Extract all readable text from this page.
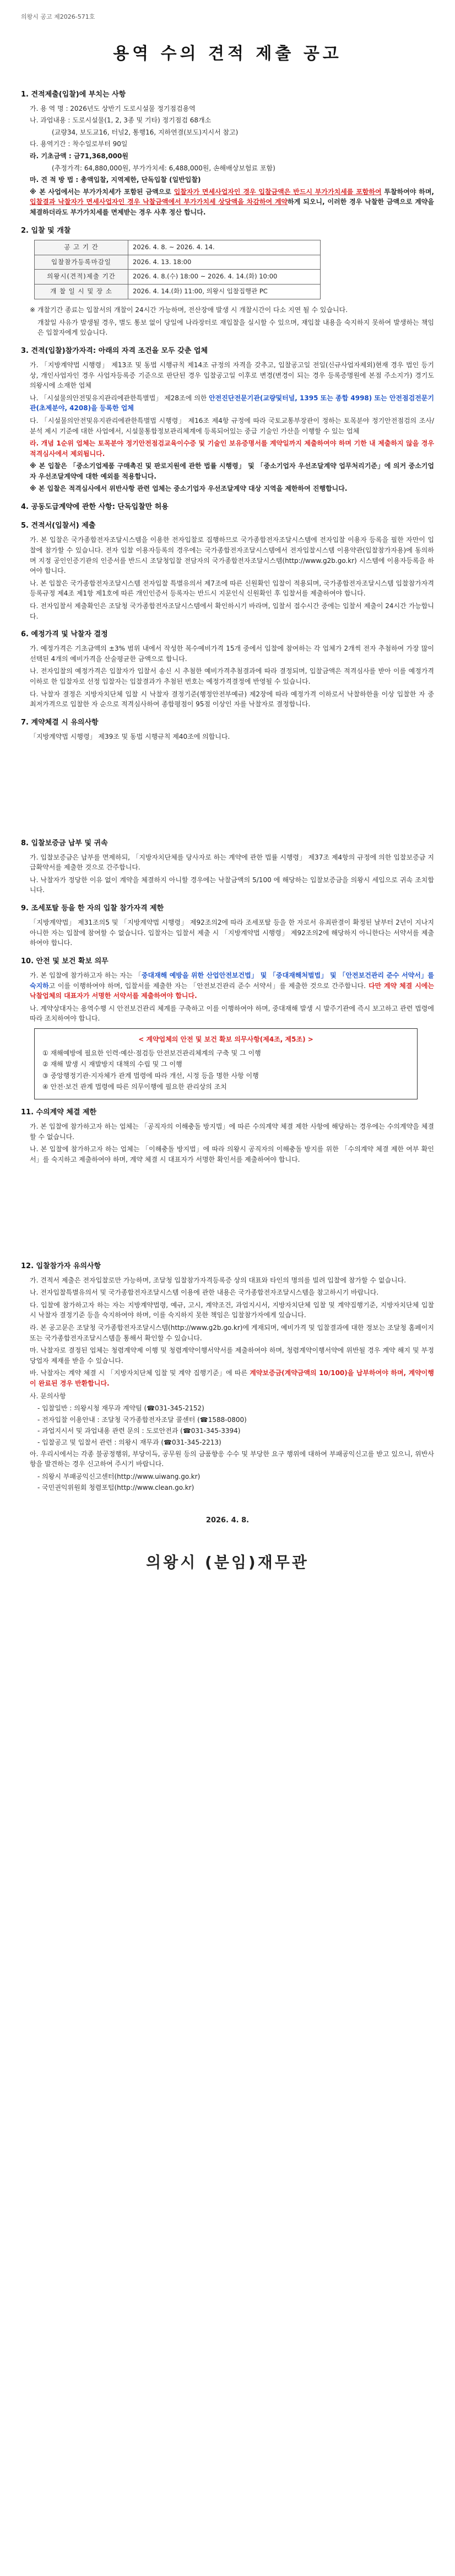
의왕시 공고 제2026-571호
용역 수의 견적 제출 공고
1. 견적제출(입찰)에 부치는 사항
가. 용 역 명 : 2026년도 상반기 도로시설물 정기점검용역
나. 과업내용 : 도로시설물(1, 2, 3종 및 기타) 정기점검 68개소
(교량34, 보도교16, 터널2, 통행16, 지하연결(보도)지시서 참고)
다. 용역기간 : 착수일로부터 90일
라. 기초금액 : 금71,368,000원
(추정가격: 64,880,000원, 부가가치세: 6,488,000원, 손해배상보험료 포함)
마. 견 적 방 법 : 총액입찰, 지역제한, 단독입찰 (일반입찰)
※ 본 사업에서는 부가가치세가 포함된 금액으로 입찰자가 면세사업자인 경우 입찰금액은 반드시 부가가치세를 포함하여 투찰하여야 하며, 입찰결과 낙찰자가 면세사업자인 경우 낙찰금액에서 부가가치세 상당액을 차감하여 계약하게 되오니, 이러한 경우 낙찰한 금액으로 계약을 체결하더라도 부가가치세를 면제받는 경우 사후 정산 합니다.
2. 입찰 및 개찰
공 고 기 간	2026. 4. 8. ~ 2026. 4. 14.
입찰참가등록마감일	2026. 4. 13. 18:00
의왕시(견적)제출 기간	2026. 4. 8.(수) 18:00 ~ 2026. 4. 14.(화) 10:00
개 찰 일 시 및 장 소	2026. 4. 14.(화) 11:00, 의왕시 입찰집행관 PC
※ 개찰기간 종료는 입찰서의 개찰이 24시간 가능하며, 전산장애 발생 시 개찰시간이 다소 지연 될 수 있습니다.
개찰일 사유가 발생될 경우, 별도 통보 없이 당일에 나라장터로 재입찰을 실시할 수 있으며, 재입찰 내용을 숙지하지 못하여 발생하는 책임은 입찰자에게 있습니다.
3. 견적(입찰)참가자격: 아래의 자격 조건을 모두 갖춘 업체
가. 「지방계약법 시행령」 제13조 및 동법 시행규칙 제14조 규정의 자격을 갖추고, 입찰공고일 전일(신규사업자제외)현재 경우 법인 등기상, 개인사업자인 경우 사업자등록증 기준으로 판단된 경우 입찰공고일 이후로 변경(변경이 되는 경우 등록증명원에 본점 주소지가) 경기도 의왕시에 소재한 업체
나. 「시설물의안전및유지관리에관한특별법」 제28조에 의한 안전진단전문기관(교량및터널, 1395 또는 종합 4998) 또는 안전점검전문기관(초제분야, 4208)을 등록한 업체
다. 「시설물의안전및유지관리에관한특별법 시행령」 제16조 제4항 규정에 따라 국토교통부장관이 정하는 토목분야 정기안전점검의 조사/분석 제시 기준에 대한 사업에서, 시설물통합정보관리체계에 등록되어있는 중급 기술인 가산을 이행할 수 있는 업체
라. 개념 1순위 업체는 토목분야 정기안전점검교육이수증 및 기술인 보유증명서를 계약일까지 제출하여야 하며 기한 내 제출하지 않을 경우 적격심사에서 제외됩니다.
※ 본 입찰은 「중소기업제품 구매촉진 및 판로지원에 관한 법률 시행령」 및 「중소기업자 우선조달계약 업무처리기준」에 의거 중소기업자 우선조달계약에 대한 예외를 적용합니다.
※ 본 입찰은 적격심사에서 위반사항 관련 업체는 중소기업자 우선조달계약 대상 지역을 제한하여 진행합니다.
4. 공동도급계약에 관한 사항: 단독입찰만 허용
5. 견적서(입찰서) 제출
가. 본 입찰은 국가종합전자조달시스템을 이용한 전자입찰로 집행하므로 국가종합전자조달시스템에 전자입찰 이용자 등록을 필한 자만이 입찰에 참가할 수 있습니다. 전자 입찰 이용자등록의 경우에는 국가종합전자조달시스템에서 전자입찰시스템 이용약관(입찰참가자용)에 동의하며 지정 공인인증기관의 인증서를 반드시 조달청입찰 전담자의 국가종합전자조달시스템(http://www.g2b.go.kr) 시스템에 이용자등록을 하여야 합니다.
나. 본 입찰은 국가종합전자조달시스템 전자입찰 특별유의서 제7조에 따른 신원확인 입찰이 적용되며, 국가종합전자조달시스템 입찰참가자격등록규정 제4조 제1항 제1호에 따른 개인인증서 등록자는 반드시 지문인식 신원확인 후 입찰서를 제출하여야 합니다.
다. 전자입찰서 제출확인은 조달청 국가종합전자조달시스템에서 확인하시기 바라며, 입찰서 접수시간 중에는 입찰서 제출이 24시간 가능합니다.
6. 예정가격 및 낙찰자 결정
가. 예정가격은 기초금액의 ±3% 범위 내에서 작성한 복수예비가격 15개 중에서 입찰에 참여하는 각 업체가 2개씩 전자 추첨하여 가장 많이 선택된 4개의 예비가격을 산술평균한 금액으로 합니다.
나. 전자입찰의 예정가격은 입찰자가 입찰서 송신 시 추첨한 예비가격추첨결과에 따라 결정되며, 입찰금액은 적격심사를 받아 이를 예정가격 이하로 한 입찰자로 선정 입찰자는 입찰결과가 추첨된 번호는 예정가격결정에 반영될 수 있습니다.
다. 낙찰자 결정은 지방자치단체 입찰 시 낙찰자 결정기준(행정안전부예규) 제2장에 따라 예정가격 이하로서 낙찰하한율 이상 입찰한 자 중 최저가격으로 입찰한 자 순으로 적격심사하여 종합평점이 95점 이상인 자를 낙찰자로 결정합니다.
7. 계약체결 시 유의사항
「지방계약법 시행령」 제39조 및 동법 시행규칙 제40조에 의합니다.
8. 입찰보증금 납부 및 귀속
가. 입찰보증금은 납부를 면제하되, 「지방자치단체를 당사자로 하는 계약에 관한 법률 시행령」 제37조 제4항의 규정에 의한 입찰보증금 지급확약서를 제출한 것으로 간주합니다.
나. 낙찰자가 정당한 이유 없이 계약을 체결하지 아니할 경우에는 낙찰금액의 5/100 에 해당하는 입찰보증금을 의왕시 세입으로 귀속 조치합니다.
9. 조세포탈 등을 한 자의 입찰 참가자격 제한
「지방계약법」 제31조의5 및 「지방계약법 시행령」 제92조의2에 따라 조세포탈 등을 한 자로서 유죄판결이 확정된 날부터 2년이 지나지 아니한 자는 입찰에 참여할 수 없습니다. 입찰자는 입찰서 제출 시 「지방계약법 시행령」 제92조의2에 해당하지 아니한다는 서약서를 제출하여야 합니다.
10. 안전 및 보건 확보 의무
가. 본 입찰에 참가하고자 하는 자는 「중대재해 예방을 위한 산업안전보건법」 및 「중대재해처벌법」 및 「안전보건관리 준수 서약서」를 숙지하고 이를 이행하여야 하며, 입찰서를 제출한 자는 「안전보건관리 준수 서약서」를 제출한 것으로 간주합니다. 다만 계약 체결 시에는 낙찰업체의 대표자가 서명한 서약서를 제출하여야 합니다.
나. 계약상대자는 용역수행 시 안전보건관리 체계를 구축하고 이를 이행하여야 하며, 중대재해 발생 시 발주기관에 즉시 보고하고 관련 법령에 따라 조치하여야 합니다.
< 계약업체의 안전 및 보건 확보 의무사항(제4조, 제5조) >
① 재해예방에 필요한 인력·예산·점검등 안전보건관리체계의 구축 및 그 이행
② 재해 발생 시 재발방지 대책의 수립 및 그 이행
③ 중앙행정기관·지자체가 관계 법령에 따라 개선, 시정 등을 명한 사항 이행
④ 안전·보건 관계 법령에 따른 의무이행에 필요한 관리상의 조치
11. 수의계약 체결 제한
가. 본 입찰에 참가하고자 하는 업체는 「공직자의 이해충돌 방지법」에 따른 수의계약 체결 제한 사항에 해당하는 경우에는 수의계약을 체결할 수 없습니다.
나. 본 입찰에 참가하고자 하는 업체는 「이해충돌 방지법」에 따라 의왕시 공직자의 이해충돌 방지를 위한 「수의계약 체결 제한 여부 확인서」를 숙지하고 제출하여야 하며, 계약 체결 시 대표자가 서명한 확인서를 제출하여야 합니다.
12. 입찰참가자 유의사항
가. 견적서 제출은 전자입찰로만 가능하며, 조달청 입찰참가자격등록증 상의 대표와 타인의 명의를 빌려 입찰에 참가할 수 없습니다.
나. 전자입찰특별유의서 및 국가종합전자조달시스템 이용에 관한 내용은 국가종합전자조달시스템을 참고하시기 바랍니다.
다. 입찰에 참가하고자 하는 자는 지방계약법령, 예규, 고시, 계약조건, 과업지시서, 지방자치단체 입찰 및 계약집행기준, 지방자치단체 입찰 시 낙찰자 결정기준 등을 숙지하여야 하며, 이를 숙지하지 못한 책임은 입찰참가자에게 있습니다.
라. 본 공고문은 조달청 국가종합전자조달시스템(http://www.g2b.go.kr)에 게재되며, 예비가격 및 입찰결과에 대한 정보는 조달청 홈페이지 또는 국가종합전자조달시스템을 통해서 확인할 수 있습니다.
마. 낙찰자로 결정된 업체는 청렴계약제 이행 및 청렴계약이행서약서를 제출하여야 하며, 청렴계약이행서약에 위반될 경우 계약 해지 및 부정당업자 제재를 받을 수 있습니다.
바. 낙찰자는 계약 체결 시 「지방자치단체 입찰 및 계약 집행기준」에 따른 계약보증금(계약금액의 10/100)을 납부하여야 하며, 계약이행이 완료된 경우 반환합니다.
사. 문의사항
- 입찰일반 : 의왕시청 재무과 계약팀 (☎031-345-2152)
- 전자입찰 이용안내 : 조달청 국가종합전자조달 콜센터 (☎1588-0800)
- 과업지시서 및 과업내용 관련 문의 : 도로안전과 (☎031-345-3394)
- 입찰공고 및 입찰서 관련 : 의왕시 재무과 (☎031-345-2213)
아. 우리시에서는 각종 불공정행위, 부당이득, 공무원 등의 금품향응 수수 및 부당한 요구 행위에 대하여 부패공익신고를 받고 있으니, 위반사항을 발견하는 경우 신고하여 주시기 바랍니다.
- 의왕시 부패공익신고센터(http://www.uiwang.go.kr)
- 국민권익위원회 청렴포털(http://www.clean.go.kr)
2026. 4. 8.
의왕시 (분임)재무관
